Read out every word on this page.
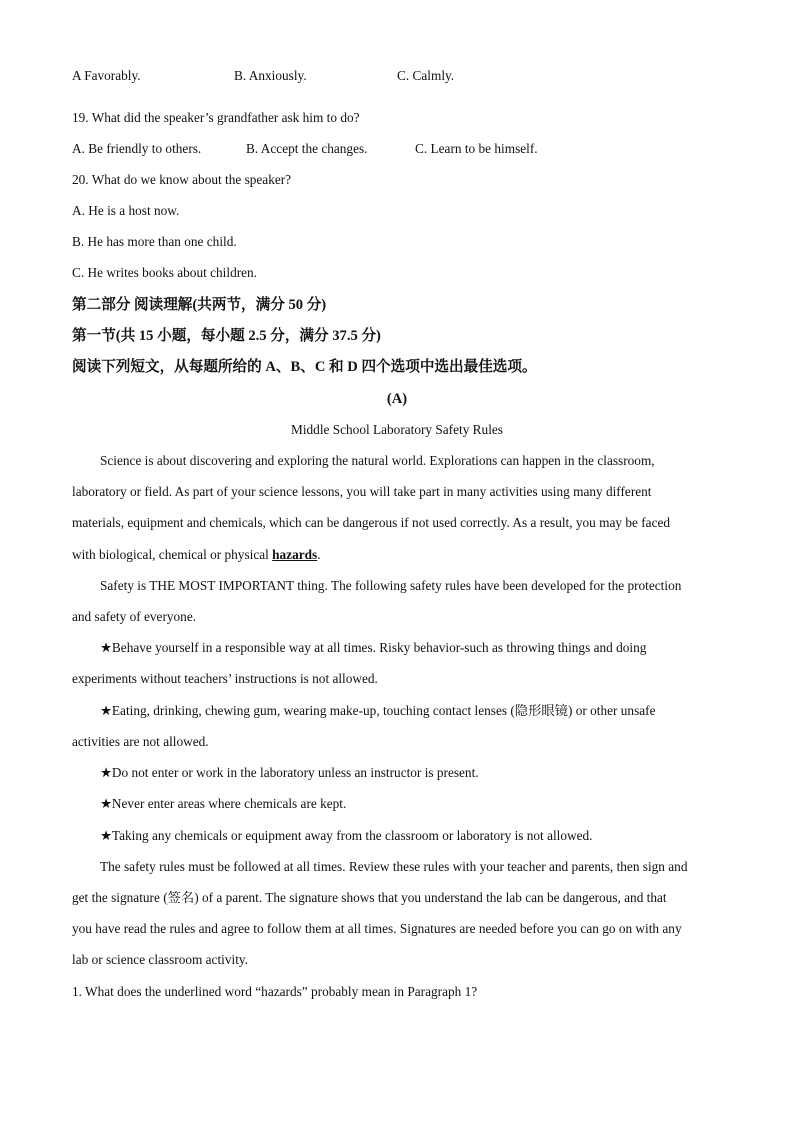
A Favorably.	B. Anxiously.	C. Calmly.
19. What did the speaker’s grandfather ask him to do?
A. Be friendly to others.	B. Accept the changes.	C. Learn to be himself.
20. What do we know about the speaker?
A. He is a host now.
B. He has more than one child.
C. He writes books about children.
第二部分 阅读理解(共两节，满分 50 分)
第一节(共 15 小题，每小题 2.5 分，满分 37.5 分)
阅读下列短文，从每题所给的 A、B、C 和 D 四个选项中选出最佳选项。
(A)
Middle School Laboratory Safety Rules
Science is about discovering and exploring the natural world. Explorations can happen in the classroom,
laboratory or field. As part of your science lessons, you will take part in many activities using many different
materials, equipment and chemicals, which can be dangerous if not used correctly. As a result, you may be faced
with biological, chemical or physical hazards.
Safety is THE MOST IMPORTANT thing. The following safety rules have been developed for the protection
and safety of everyone.
★Behave yourself in a responsible way at all times. Risky behavior-such as throwing things and doing
experiments without teachers’ instructions is not allowed.
★Eating, drinking, chewing gum, wearing make-up, touching contact lenses (隐形眼镜) or other unsafe
activities are not allowed.
★Do not enter or work in the laboratory unless an instructor is present.
★Never enter areas where chemicals are kept.
★Taking any chemicals or equipment away from the classroom or laboratory is not allowed.
The safety rules must be followed at all times. Review these rules with your teacher and parents, then sign and
get the signature (签名) of a parent. The signature shows that you understand the lab can be dangerous, and that
you have read the rules and agree to follow them at all times. Signatures are needed before you can go on with any
lab or science classroom activity.
1. What does the underlined word “hazards” probably mean in Paragraph 1?
